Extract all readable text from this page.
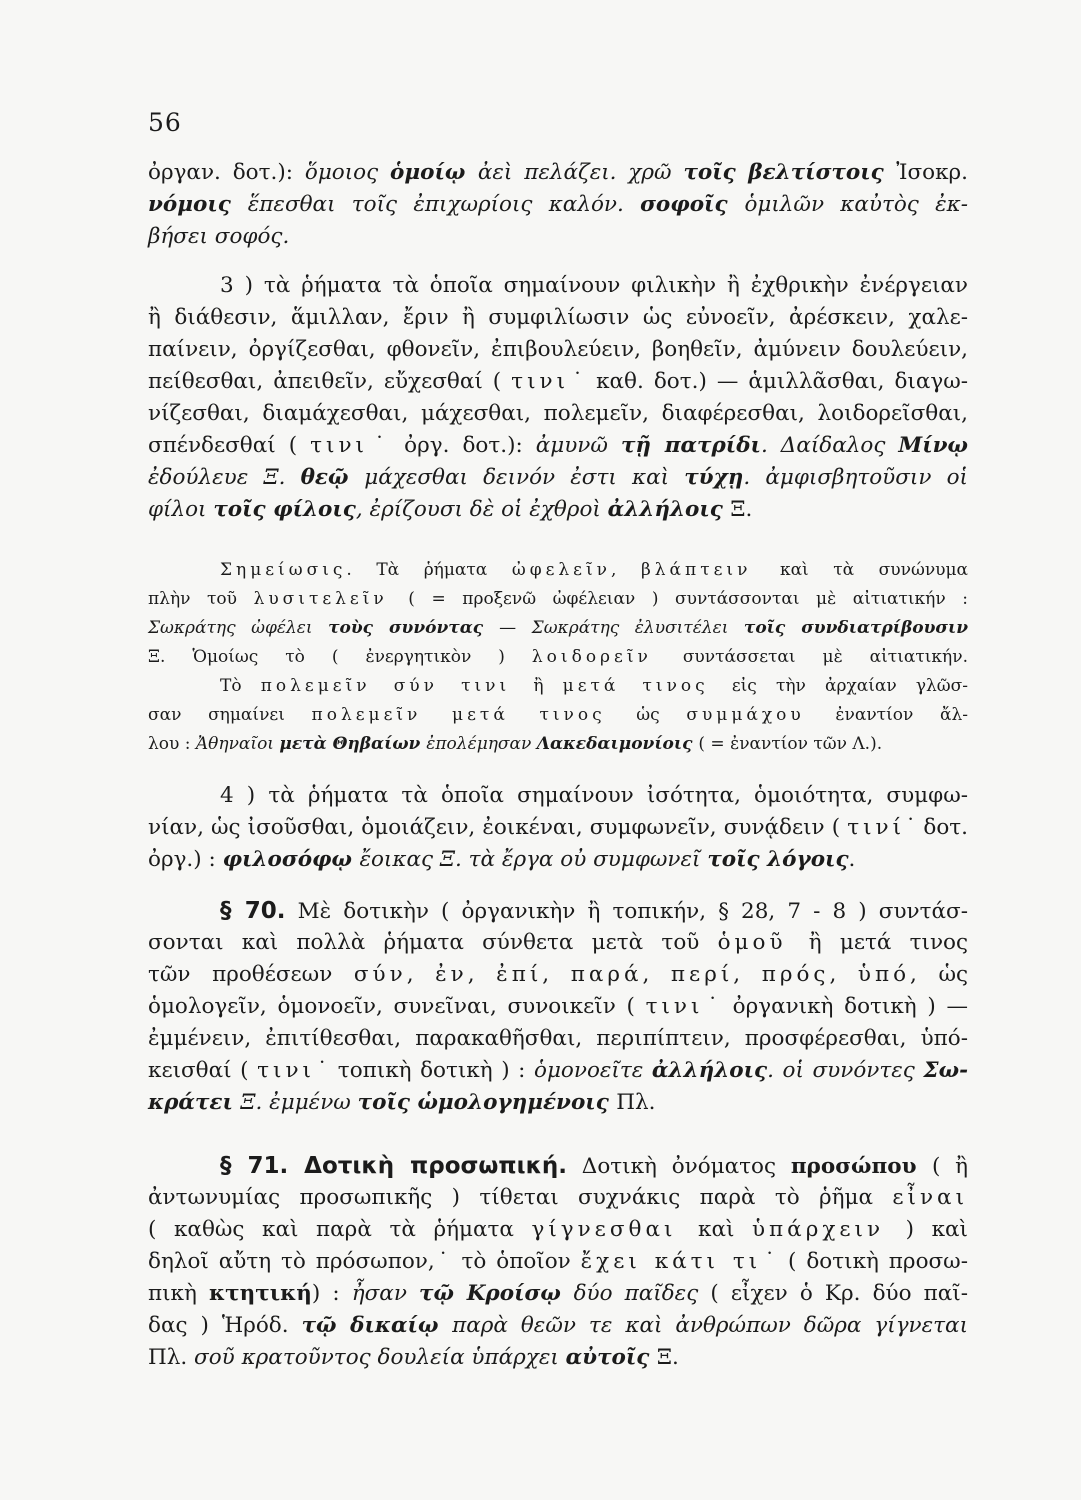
56
ὀργαν. δοτ.): ὅμοιος ὁμοίῳ ἀεὶ πελάζει. χρῶ τοῖς βελτίστοις Ἰσοκρ.
νόμοις ἕπεσθαι τοῖς ἐπιχωρίοις καλόν. σοφοῖς ὁμιλῶν καὐτὸς ἐκ-
βήσει σοφός.
3 ) τὰ ῥήματα τὰ ὁποῖα σημαίνουν φιλικὴν ἢ ἐχθρικὴν ἐνέργειαν
ἢ διάθεσιν, ἅμιλλαν, ἔριν ἢ συμφιλίωσιν ὡς εὐνοεῖν, ἀρέσκειν, χαλε-
παίνειν, ὀργίζεσθαι, φθονεῖν, ἐπιβουλεύειν, βοηθεῖν, ἀμύνειν δουλεύειν,
πείθεσθαι, ἀπειθεῖν, εὔχεσθαί ( τινι˙ καθ. δοτ.) — ἁμιλλᾶσθαι, διαγω-
νίζεσθαι, διαμάχεσθαι, μάχεσθαι, πολεμεῖν, διαφέρεσθαι, λοιδορεῖσθαι,
σπένδεσθαί ( τινι˙ ὀργ. δοτ.): ἀμυνῶ τῇ πατρίδι. Δαίδαλος Μίνῳ
ἐδούλευε Ξ. θεῷ μάχεσθαι δεινόν ἐστι καὶ τύχῃ. ἀμφισβητοῦσιν οἱ
φίλοι τοῖς φίλοις, ἐρίζουσι δὲ οἱ ἐχθροὶ ἀλλήλοις Ξ.
Σημείωσις. Τὰ ῥήματα ὠφελεῖν, βλάπτειν καὶ τὰ συνώνυμα
πλὴν τοῦ λυσιτελεῖν ( = προξενῶ ὠφέλειαν ) συντάσσονται μὲ αἰτιατικήν :
Σωκράτης ὠφέλει τοὺς συνόντας — Σωκράτης ἐλυσιτέλει τοῖς συνδιατρίβουσιν
Ξ. Ὁμοίως τὸ ( ἐνεργητικὸν ) λοιδορεῖν συντάσσεται μὲ αἰτιατικήν.
Τὸ πολεμεῖν σύν τινι ἢ μετά τινος εἰς τὴν ἀρχαίαν γλῶσ-
σαν σημαίνει πολεμεῖν μετά τινος ὡς συμμάχου ἐναντίον ἄλ-
λου : Ἀθηναῖοι μετὰ Θηβαίων ἐπολέμησαν Λακεδαιμονίοις ( = ἐναντίον τῶν Λ.).
4 ) τὰ ῥήματα τὰ ὁποῖα σημαίνουν ἰσότητα, ὁμοιότητα, συμφω-
νίαν, ὡς ἰσοῦσθαι, ὁμοιάζειν, ἐοικέναι, συμφωνεῖν, συνᾴδειν ( τινί˙ δοτ.
ὀργ.) : φιλοσόφῳ ἔοικας Ξ. τὰ ἔργα οὐ συμφωνεῖ τοῖς λόγοις.
§ 70. Μὲ δοτικὴν ( ὀργανικὴν ἢ τοπικήν, § 28, 7 - 8 ) συντάσ-
σονται καὶ πολλὰ ῥήματα σύνθετα μετὰ τοῦ ὁμοῦ ἢ μετά τινος
τῶν προθέσεων σύν, ἐν, ἐπί, παρά, περί, πρός, ὑπό, ὡς
ὁμολογεῖν, ὁμονοεῖν, συνεῖναι, συνοικεῖν ( τινι˙ ὀργανικὴ δοτικὴ ) —
ἐμμένειν, ἐπιτίθεσθαι, παρακαθῆσθαι, περιπίπτειν, προσφέρεσθαι, ὑπό-
κεισθαί ( τινι˙ τοπικὴ δοτικὴ ) : ὁμονοεῖτε ἀλλήλοις. οἱ συνόντες Σω-
κράτει Ξ. ἐμμένω τοῖς ὡμολογημένοις Πλ.
§ 71. Δοτικὴ προσωπική. Δοτικὴ ὀνόματος προσώπου ( ἢ
ἀντωνυμίας προσωπικῆς ) τίθεται συχνάκις παρὰ τὸ ῥῆμα εἶναι
( καθὼς καὶ παρὰ τὰ ῥήματα γίγνεσθαι καὶ ὑπάρχειν ) καὶ
δηλοῖ αὔτη τὸ πρόσωπον,˙ τὸ ὁποῖον ἔχει κάτι τι˙ ( δοτικὴ προσω-
πικὴ κτητική) : ἦσαν τῷ Κροίσῳ δύο παῖδες ( εἶχεν ὁ Κρ. δύο παῖ-
δας ) Ἡρόδ. τῷ δικαίῳ παρὰ θεῶν τε καὶ ἀνθρώπων δῶρα γίγνεται
Πλ. σοῦ κρατοῦντος δουλεία ὑπάρχει αὐτοῖς Ξ.
